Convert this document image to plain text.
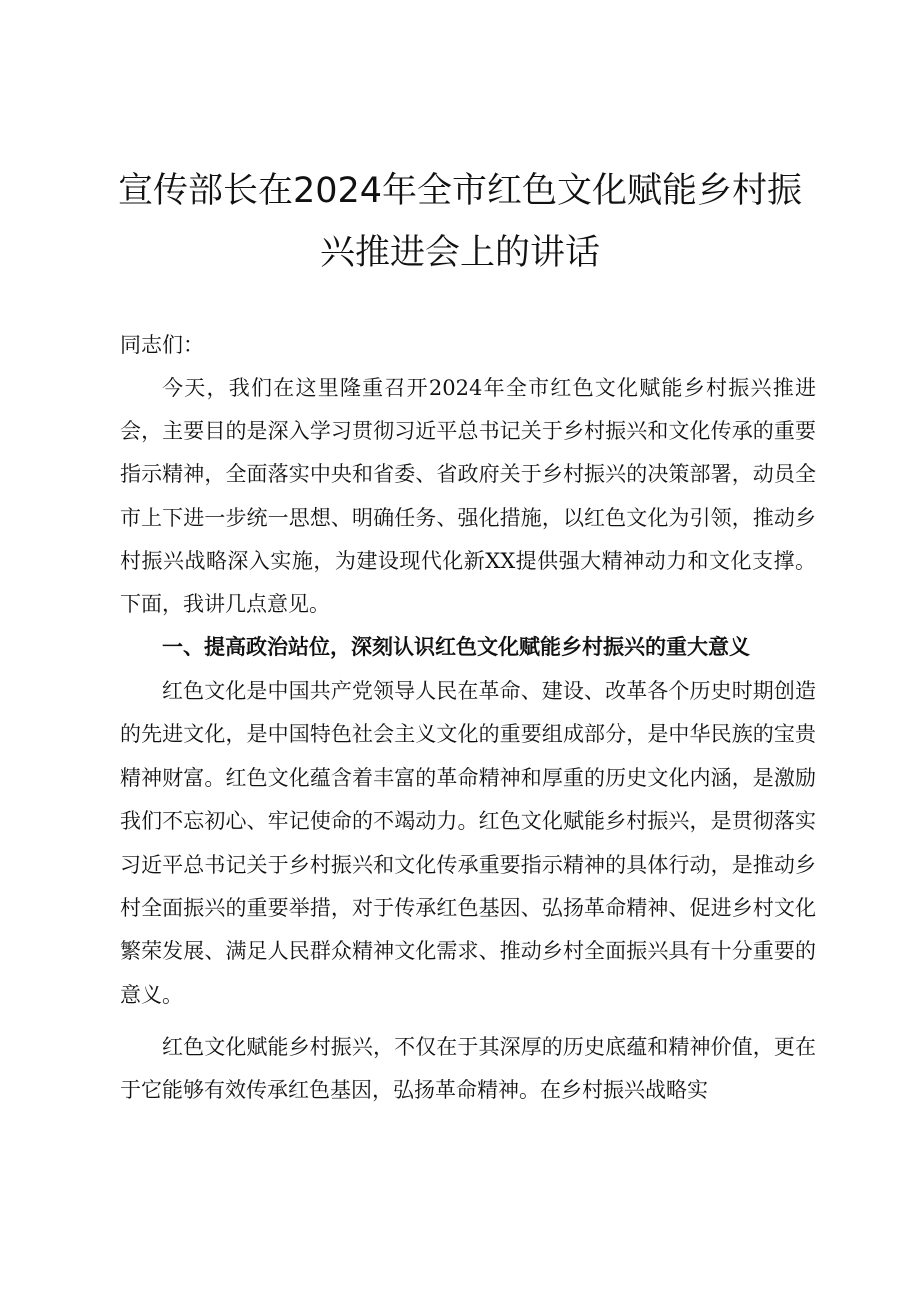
宣传部长在2024年全市红色文化赋能乡村振
兴推进会上的讲话
同志们：

今天，我们在这里隆重召开2024年全市红色文化赋能乡村振兴推进会，主要目的是深入学习贯彻习近平总书记关于乡村振兴和文化传承的重要指示精神，全面落实中央和省委、省政府关于乡村振兴的决策部署，动员全市上下进一步统一思想、明确任务、强化措施，以红色文化为引领，推动乡村振兴战略深入实施，为建设现代化新XX提供强大精神动力和文化支撑。下面，我讲几点意见。

一、提高政治站位，深刻认识红色文化赋能乡村振兴的重大意义

红色文化是中国共产党领导人民在革命、建设、改革各个历史时期创造的先进文化，是中国特色社会主义文化的重要组成部分，是中华民族的宝贵精神财富。红色文化蕴含着丰富的革命精神和厚重的历史文化内涵，是激励我们不忘初心、牢记使命的不竭动力。红色文化赋能乡村振兴，是贯彻落实习近平总书记关于乡村振兴和文化传承重要指示精神的具体行动，是推动乡村全面振兴的重要举措，对于传承红色基因、弘扬革命精神、促进乡村文化繁荣发展、满足人民群众精神文化需求、推动乡村全面振兴具有十分重要的意义。

红色文化赋能乡村振兴，不仅在于其深厚的历史底蕴和精神价值，更在于它能够有效传承红色基因，弘扬革命精神。在乡村振兴战略实
